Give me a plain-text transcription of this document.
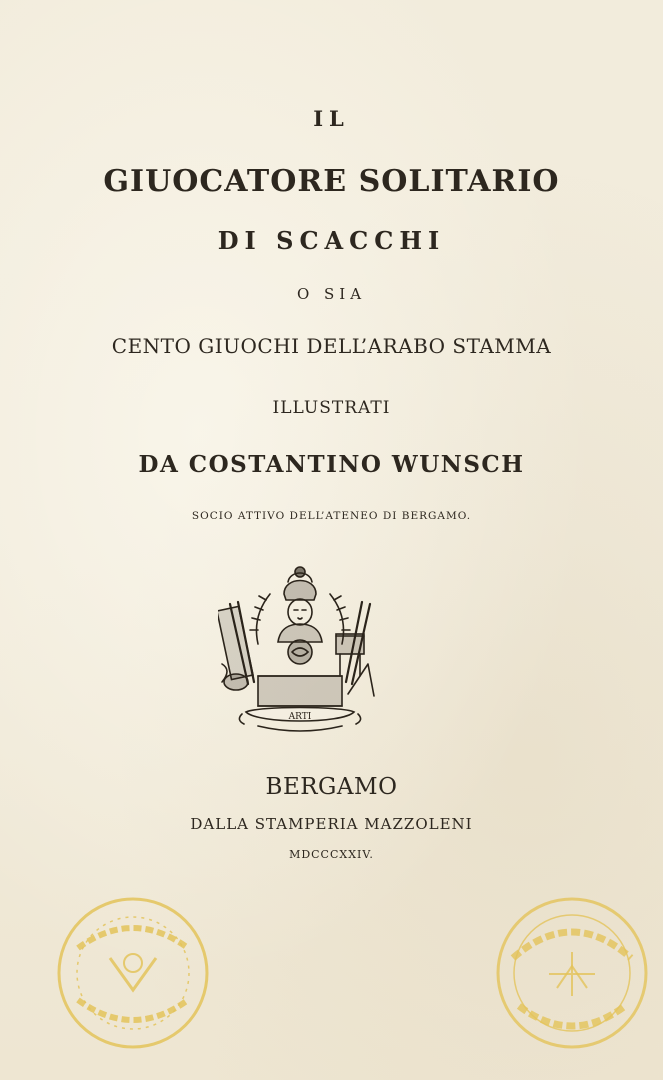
IL
GIUOCATORE SOLITARIO
DI SCACCHI
O SIA
CENTO GIUOCHI DELL’ARABO STAMMA
ILLUSTRATI
DA COSTANTINO WUNSCH
SOCIO ATTIVO DELL’ATENEO DI BERGAMO.
ARTI
BERGAMO
DALLA STAMPERIA MAZZOLENI
MDCCCXXIV.
